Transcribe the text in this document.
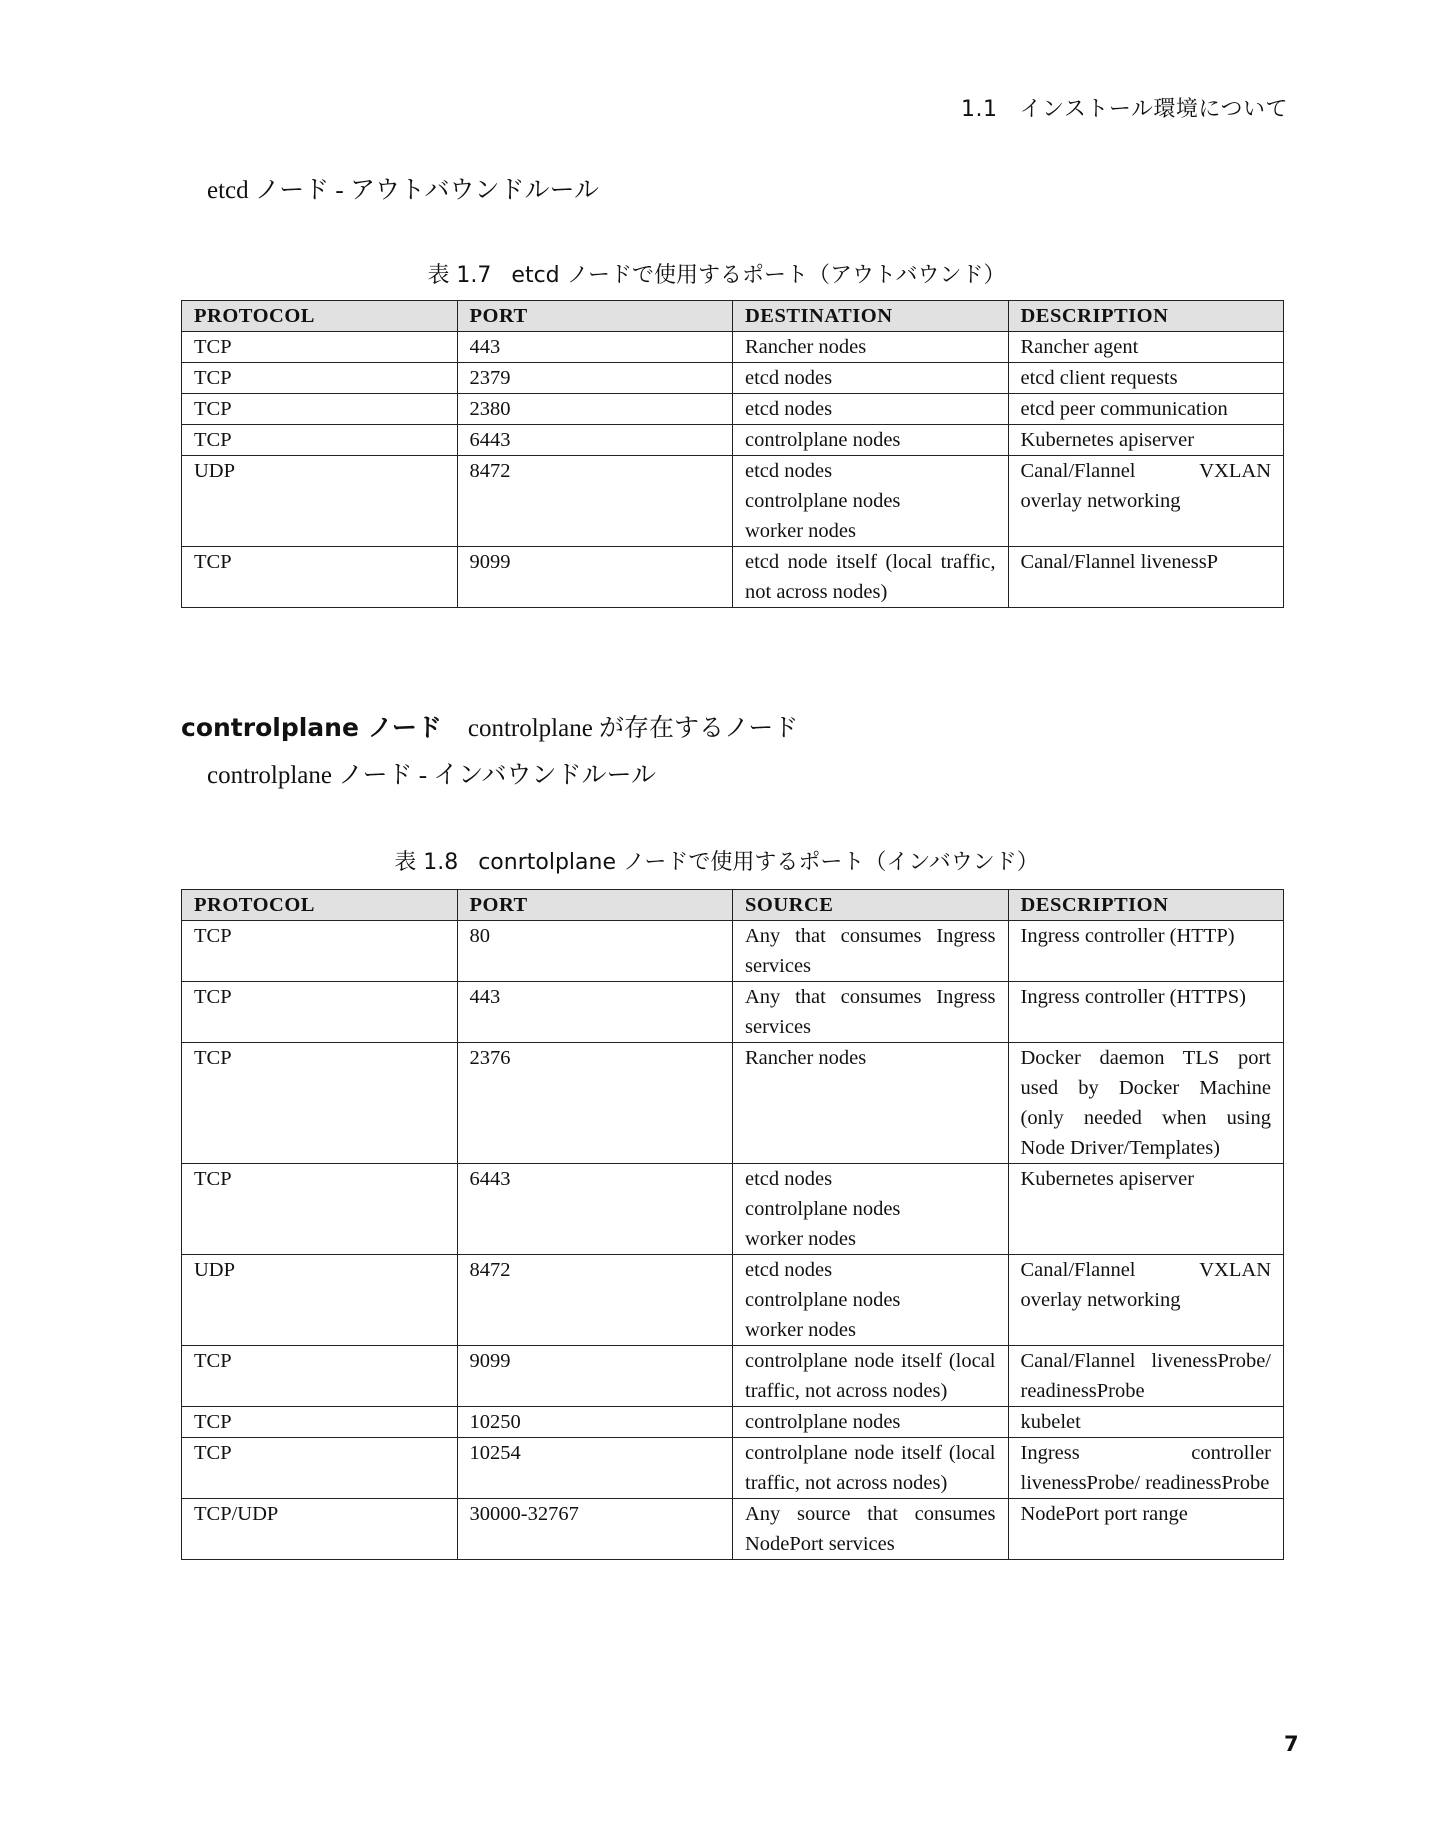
1.1 インストール環境について
etcd ノード - アウトバウンドルール
表 1.7 etcd ノードで使用するポート（アウトバウンド）
PROTOCOL	PORT	DESTINATION	DESCRIPTION
TCP	443	Rancher nodes	Rancher agent

TCP	2379	etcd nodes	etcd client requests

TCP	2380	etcd nodes	etcd peer communication

TCP	6443	controlplane nodes	Kubernetes apiserver

UDP	8472	etcd nodes
controlplane nodes
worker nodes	Canal/Flannel VXLAN overlay networking

TCP	9099	etcd node itself (local traffic, not across nodes)	Canal/Flannel livenessP
controlplane ノード controlplane が存在するノード
controlplane ノード - インバウンドルール
表 1.8 conrtolplane ノードで使用するポート（インバウンド）
PROTOCOL	PORT	SOURCE	DESCRIPTION
TCP	80	Any that consumes Ingress services	Ingress controller (HTTP)

TCP	443	Any that consumes Ingress services	Ingress controller (HTTPS)

TCP	2376	Rancher nodes	Docker daemon TLS port used by Docker Machine (only needed when using Node Driver/Templates)

TCP	6443	etcd nodes
controlplane nodes
worker nodes	Kubernetes apiserver

UDP	8472	etcd nodes
controlplane nodes
worker nodes	Canal/Flannel VXLAN overlay networking

TCP	9099	controlplane node itself (local traffic, not across nodes)	Canal/Flannel livenessProbe/ readinessProbe

TCP	10250	controlplane nodes	kubelet

TCP	10254	controlplane node itself (local traffic, not across nodes)	Ingress controller livenessProbe/ readinessProbe

TCP/UDP	30000-32767	Any source that consumes NodePort services	NodePort port range
7
